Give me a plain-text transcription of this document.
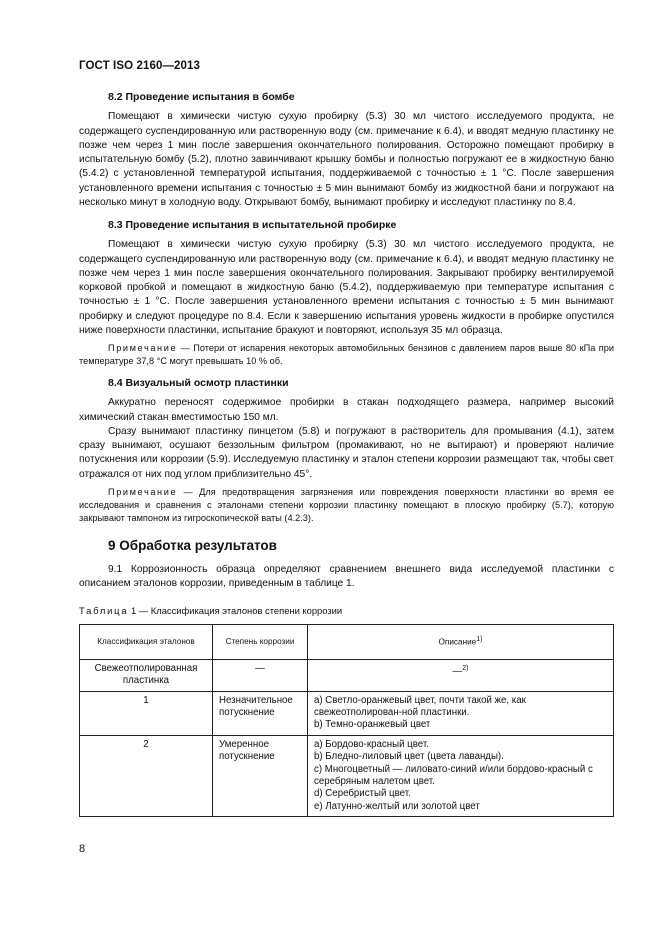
ГОСТ ISO 2160—2013
8.2 Проведение испытания в бомбе

Помещают в химически чистую сухую пробирку (5.3) 30 мл чистого исследуемого продукта, не содержащего суспендированную или растворенную воду (см. примечание к 6.4), и вводят медную пластинку не позже чем через 1 мин после завершения окончательного полирования. Осторожно помещают пробирку в испытательную бомбу (5.2), плотно завинчивают крышку бомбы и полностью погружают ее в жидкостную баню (5.4.2) с установленной температурой испытания, поддерживаемой с точностью ± 1 °С. После завершения установленного времени испытания с точностью ± 5 мин вынимают бомбу из жидкостной бани и погружают на несколько минут в холодную воду. Открывают бомбу, вынимают пробирку и исследуют пластинку по 8.4.

8.3 Проведение испытания в испытательной пробирке

Помещают в химически чистую сухую пробирку (5.3) 30 мл чистого исследуемого продукта, не содержащего суспендированную или растворенную воду (см. примечание к 6.4), и вводят медную пластинку не позже чем через 1 мин после завершения окончательного полирования. Закрывают пробирку вентилируемой корковой пробкой и помещают в жидкостную баню (5.4.2), поддерживаемую при температуре испытания с точностью ± 1 °С. После завершения установленного времени испытания с точностью ± 5 мин вынимают пробирку и следуют процедуре по 8.4. Если к завершению испытания уровень жидкости в пробирке опустился ниже поверхности пластинки, испытание бракуют и повторяют, используя 35 мл образца.

Примечание — Потери от испарения некоторых автомобильных бензинов с давлением паров выше 80 кПа при температуре 37,8 °С могут превышать 10 % об.

8.4 Визуальный осмотр пластинки

Аккуратно переносят содержимое пробирки в стакан подходящего размера, например высокий химический стакан вместимостью 150 мл.

Сразу вынимают пластинку пинцетом (5.8) и погружают в растворитель для промывания (4.1), затем сразу вынимают, осушают беззольным фильтром (промакивают, но не вытирают) и проверяют наличие потускнения или коррозии (5.9). Исследуемую пластинку и эталон степени коррозии размещают так, чтобы свет отражался от них под углом приблизительно 45°.

Примечание — Для предотвращения загрязнения или повреждения поверхности пластинки во время ее исследования и сравнения с эталонами степени коррозии пластинку помещают в плоскую пробирку (5.7), которую закрывают тампоном из гигроскопической ваты (4.2.3).

9 Обработка результатов

9.1 Коррозионность образца определяют сравнением внешнего вида исследуемой пластинки с описанием эталонов коррозии, приведенным в таблице 1.

Таблица 1 — Классификация эталонов степени коррозии
Классификация эталонов	Степень коррозии	Описание$^{1)}$
Свежеотполированная пластинка	—	—$^{2)}$
1	Незначительное потускнение	а) Светло-оранжевый цвет, почти такой же, как свежеотполирован-ной пластинки.
b) Темно-оранжевый цвет

2	Умеренное потускнение	а) Бордово-красный цвет.
b) Бледно-лиловый цвет (цвета лаванды).
с) Многоцветный — лиловато-синий и/или бордово-красный с серебряным налетом цвет.
d) Серебристый цвет.
е) Латунно-желтый или золотой цвет
8
